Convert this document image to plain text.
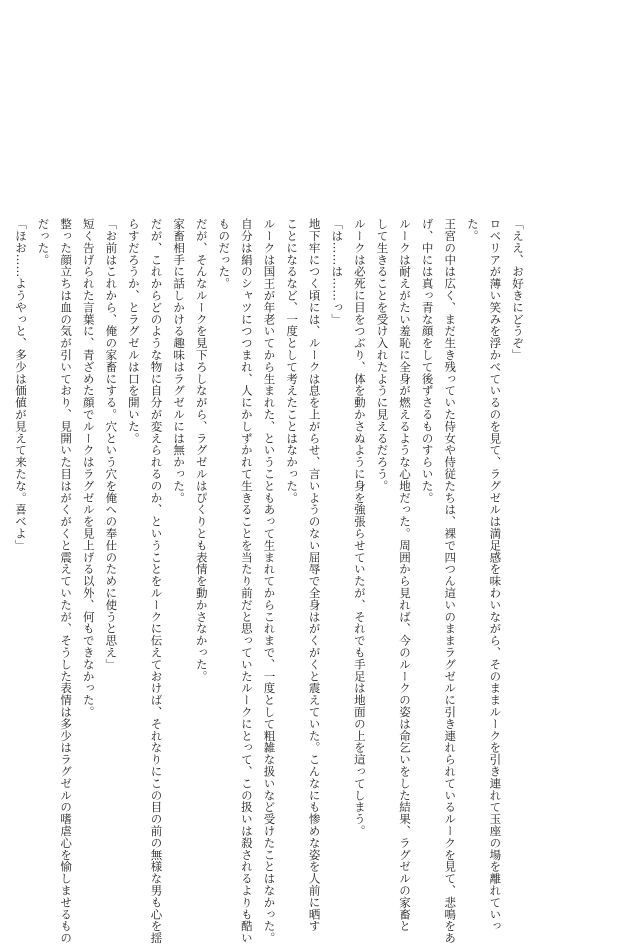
「ええ、お好きにどうぞ」
ロベリアが薄い笑みを浮かべているのを見て、ラグゼルは満足感を味わいながら、そのままルークを引き連れて玉座の場を離れていっ
た。
王宮の中は広く、まだ生き残っていた侍女や侍従たちは、裸で四つん這いのままラグゼルに引き連れられているルークを見て、悲鳴をあ
げ、中には真っ青な顔をして後ずさるものすらいた。
ルークは耐えがたい羞恥に全身が燃えるような心地だった。周囲から見れば、今のルークの姿は命乞いをした結果、ラグゼルの家畜と
して生きることを受け入れたように見えるだろう。
ルークは必死に目をつぶり、体を動かさぬように身を強張らせていたが、それでも手足は地面の上を這ってしまう。
「は……は……っ」
地下牢につく頃には、ルークは息を上がらせ、言いようのない屈辱で全身はがくがくと震えていた。こんなにも惨めな姿を人前に晒す
ことになるなど、一度として考えたことはなかった。
ルークは国王が年老いてから生まれた、ということもあって生まれてからこれまで、一度として粗雑な扱いなど受けたことはなかった。
自分は絹のシャツにつつまれ、人にかしずかれて生きることを当たり前だと思っていたルークにとって、この扱いは殺されるよりも酷い
ものだった。
だが、そんなルークを見下ろしながら、ラグゼルはぴくりとも表情を動かさなかった。
家畜相手に話しかける趣味はラグゼルには無かった。
だが、これからどのような物に自分が変えられるのか、ということをルークに伝えておけば、それなりにこの目の前の無様な男も心を揺
らすだろうか、とラグゼルは口を開いた。
「お前はこれから、俺の家畜にする。穴という穴を俺への奉仕のために使うと思え」
短く告げられた言葉に、青ざめた顔でルークはラグゼルを見上げる以外、何もできなかった。
整った顔立ちは血の気が引いており、見開いた目はがくがくと震えていたが、そうした表情は多少はラグゼルの嗜虐心を愉しませるもの
だった。
「ほお……ようやっと、多少は価値が見えて来たな。喜べよ」
